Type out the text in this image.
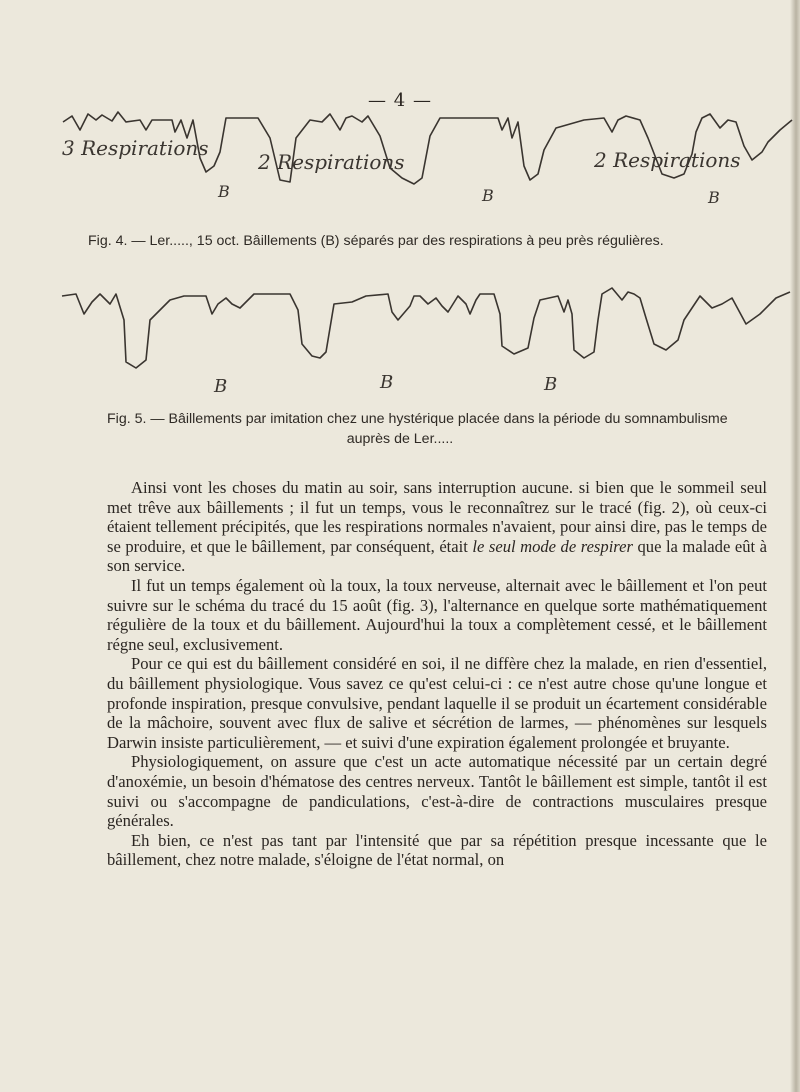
— 4 —
3 Respirations
B
2 Respirations
B
2 Respirations
B
Fig. 4. — Ler....., 15 oct. Bâillements (B) séparés par des respirations à peu près régulières.
B	B	B
Fig. 5. — Bâillements par imitation chez une hystérique placée dans la période du somnambulisme
auprès de Ler.....

Ainsi vont les choses du matin au soir, sans interruption aucune. si bien que le sommeil seul met trêve aux bâillements ; il fut un temps, vous le reconnaîtrez sur le tracé (fig. 2), où ceux-ci étaient tellement précipités, que les respirations normales n'avaient, pour ainsi dire, pas le temps de se produire, et que le bâillement, par conséquent, était le seul mode de respirer que la malade eût à son service.

Il fut un temps également où la toux, la toux nerveuse, alternait avec le bâillement et l'on peut suivre sur le schéma du tracé du 15 août (fig. 3), l'alternance en quelque sorte mathématiquement régulière de la toux et du bâillement. Aujourd'hui la toux a complètement cessé, et le bâillement régne seul, exclusivement.

Pour ce qui est du bâillement considéré en soi, il ne diffère chez la malade, en rien d'essentiel, du bâillement physiologique. Vous savez ce qu'est celui-ci : ce n'est autre chose qu'une longue et profonde inspiration, presque convulsive, pendant laquelle il se produit un écartement considérable de la mâchoire, souvent avec flux de salive et sécrétion de larmes, — phénomènes sur lesquels Darwin insiste particulièrement, — et suivi d'une expiration également prolongée et bruyante.

Physiologiquement, on assure que c'est un acte automatique nécessité par un certain degré d'anoxémie, un besoin d'hématose des centres nerveux. Tantôt le bâillement est simple, tantôt il est suivi ou s'accompagne de pandiculations, c'est-à-dire de contractions musculaires presque générales.

Eh bien, ce n'est pas tant par l'intensité que par sa répétition presque incessante que le bâillement, chez notre malade, s'éloigne de l'état normal, on
